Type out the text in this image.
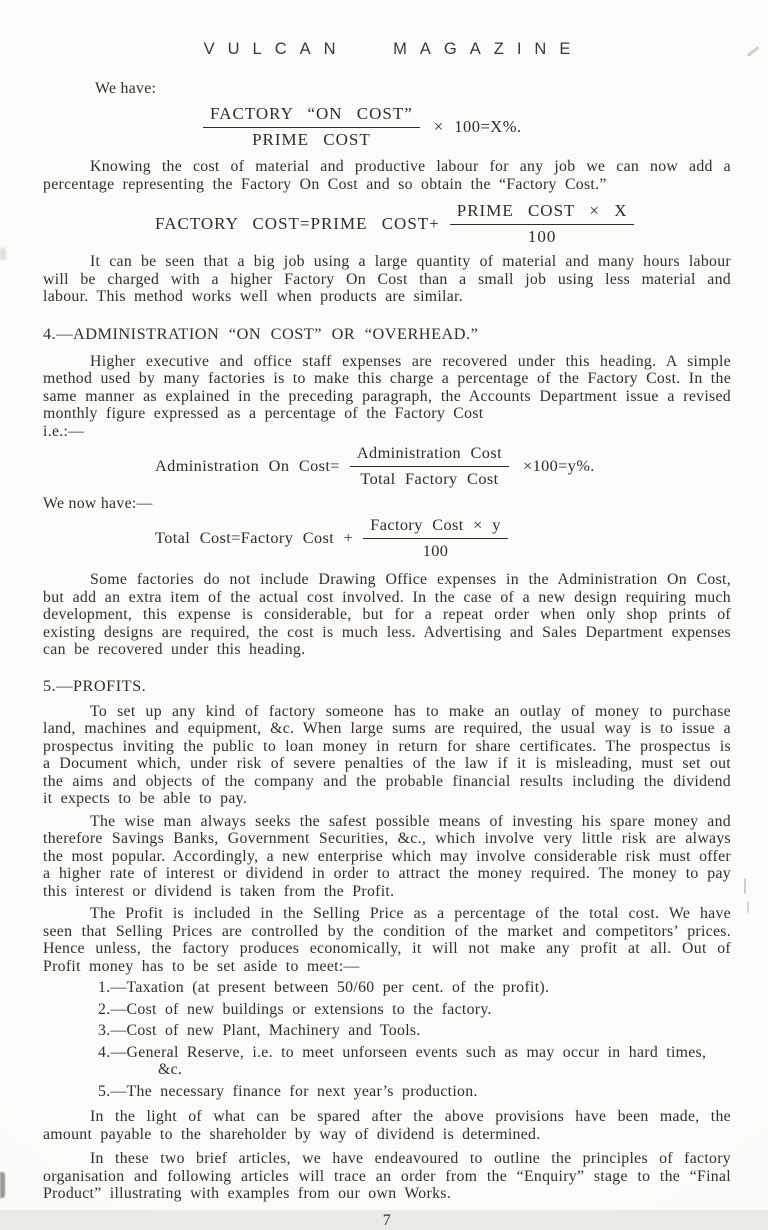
VULCAN MAGAZINE
We have:
$\frac{\text{FACTORY “ON COST”}}{\text{PRIME COST}} \times 100=X\%$.

Knowing the cost of material and productive labour for any job we can now add a percentage representing the Factory On Cost and so obtain the “Factory Cost.”

FACTORY COST=PRIME COST+ $\frac{\text{PRIME COST × X}}{100}$

It can be seen that a big job using a large quantity of material and many hours labour will be charged with a higher Factory On Cost than a small job using less material and labour. This method works well when products are similar.

4.—ADMINISTRATION “ON COST” OR “OVERHEAD.”

Higher executive and office staff expenses are recovered under this heading. A simple method used by many factories is to make this charge a percentage of the Factory Cost. In the same manner as explained in the preceding paragraph, the Accounts Department issue a revised monthly figure expressed as a percentage of the Factory Cost

i.e.:—
Administration On Cost= $\frac{\text{Administration Cost}}{\text{Total Factory Cost}} \times 100=y\%$.
We now have:—
Total Cost=Factory Cost + $\frac{\text{Factory Cost × y}}{100}$

Some factories do not include Drawing Office expenses in the Administration On Cost, but add an extra item of the actual cost involved. In the case of a new design requiring much development, this expense is considerable, but for a repeat order when only shop prints of existing designs are required, the cost is much less. Advertising and Sales Department expenses can be recovered under this heading.

5.—PROFITS.

To set up any kind of factory someone has to make an outlay of money to purchase land, machines and equipment, &c. When large sums are required, the usual way is to issue a prospectus inviting the public to loan money in return for share certificates. The prospectus is a Document which, under risk of severe penalties of the law if it is misleading, must set out the aims and objects of the company and the probable financial results including the dividend it expects to be able to pay.

The wise man always seeks the safest possible means of investing his spare money and therefore Savings Banks, Government Securities, &c., which involve very little risk are always the most popular. Accordingly, a new enterprise which may involve considerable risk must offer a higher rate of interest or dividend in order to attract the money required. The money to pay this interest or dividend is taken from the Profit.

The Profit is included in the Selling Price as a percentage of the total cost. We have seen that Selling Prices are controlled by the condition of the market and competitors’ prices. Hence unless, the factory produces economically, it will not make any profit at all. Out of Profit money has to be set aside to meet:—

1.—Taxation (at present between 50/60 per cent. of the profit).
2.—Cost of new buildings or extensions to the factory.
3.—Cost of new Plant, Machinery and Tools.
4.—General Reserve, i.e. to meet unforseen events such as may occur in hard times, &c.
5.—The necessary finance for next year’s production.

In the light of what can be spared after the above provisions have been made, the amount payable to the shareholder by way of dividend is determined.

In these two brief articles, we have endeavoured to outline the principles of factory organisation and following articles will trace an order from the “Enquiry” stage to the “Final Product” illustrating with examples from our own Works.

7
